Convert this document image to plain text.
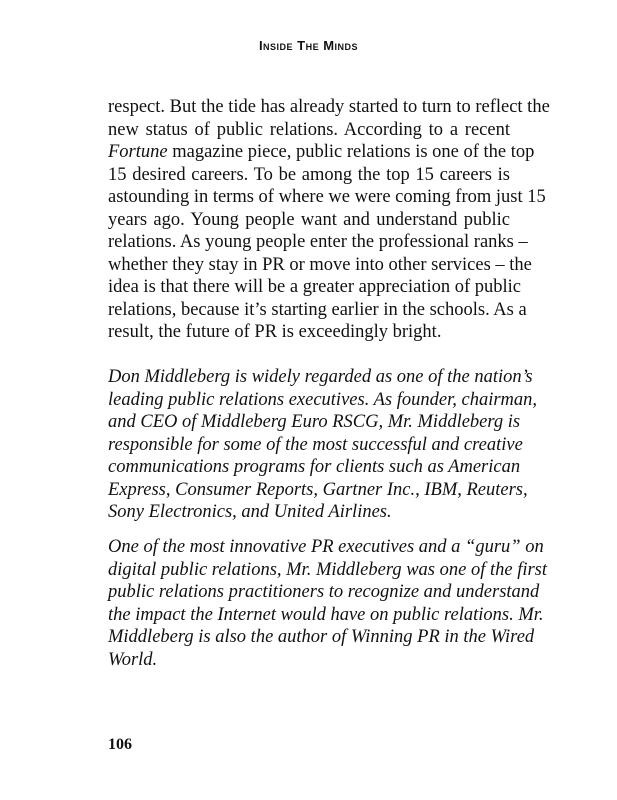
Inside The Minds
respect. But the tide has already started to turn to reflect the
new status of public relations. According to a recent
Fortune magazine piece, public relations is one of the top
15 desired careers. To be among the top 15 careers is
astounding in terms of where we were coming from just 15
years ago. Young people want and understand public
relations. As young people enter the professional ranks –
whether they stay in PR or move into other services – the
idea is that there will be a greater appreciation of public
relations, because it’s starting earlier in the schools. As a
result, the future of PR is exceedingly bright.
Don Middleberg is widely regarded as one of the nation’s
leading public relations executives. As founder, chairman,
and CEO of Middleberg Euro RSCG, Mr. Middleberg is
responsible for some of the most successful and creative
communications programs for clients such as American
Express, Consumer Reports, Gartner Inc., IBM, Reuters,
Sony Electronics, and United Airlines.
One of the most innovative PR executives and a “guru” on
digital public relations, Mr. Middleberg was one of the first
public relations practitioners to recognize and understand
the impact the Internet would have on public relations. Mr.
Middleberg is also the author of Winning PR in the Wired
World.
106
